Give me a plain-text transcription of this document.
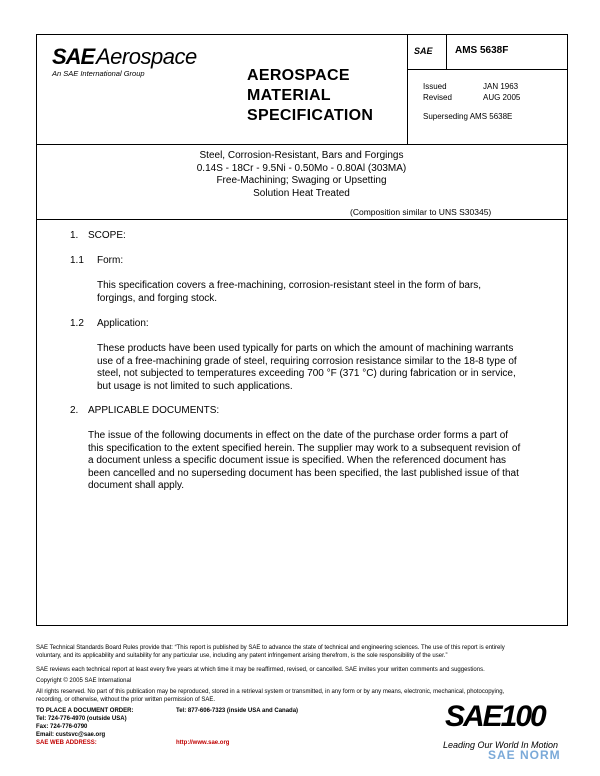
SAE Aerospace
An SAE International Group	AEROSPACE
MATERIAL
SPECIFICATION
SAE AMS 5638F
Issued	JAN 1963
Revised	AUG 2005
Superseding AMS 5638E
Steel, Corrosion-Resistant, Bars and Forgings
0.14S - 18Cr - 9.5Ni - 0.50Mo - 0.80Al (303MA)
Free-Machining; Swaging or Upsetting
Solution Heat Treated
(Composition similar to UNS S30345)
1. SCOPE:
1.1 Form:
This specification covers a free-machining, corrosion-resistant steel in the form of bars,
forgings, and forging stock.
1.2 Application:
These products have been used typically for parts on which the amount of machining warrants
use of a free-machining grade of steel, requiring corrosion resistance similar to the 18-8 type of
steel, not subjected to temperatures exceeding 700 °F (371 °C) during fabrication or in service,
but usage is not limited to such applications.
2. APPLICABLE DOCUMENTS:
The issue of the following documents in effect on the date of the purchase order forms a part of
this specification to the extent specified herein. The supplier may work to a subsequent revision of
a document unless a specific document issue is specified. When the referenced document has
been cancelled and no superseding document has been specified, the last published issue of that
document shall apply.
SAE Technical Standards Board Rules provide that: “This report is published by SAE to advance the state of technical and engineering sciences. The use of this report is entirely
voluntary, and its applicability and suitability for any particular use, including any patent infringement arising therefrom, is the sole responsibility of the user.”
SAE reviews each technical report at least every five years at which time it may be reaffirmed, revised, or cancelled. SAE invites your written comments and suggestions.
Copyright © 2005 SAE International
All rights reserved. No part of this publication may be reproduced, stored in a retrieval system or transmitted, in any form or by any means, electronic, mechanical, photocopying,
recording, or otherwise, without the prior written permission of SAE.
TO PLACE A DOCUMENT ORDER:	Tel: 877-606-7323 (inside USA and Canada)
Tel: 724-776-4970 (outside USA)
Fax: 724-776-0790
Email: custsvc@sae.org
SAE WEB ADDRESS:	http://www.sae.org
SAE100
Leading Our World In Motion
SAE NORM
